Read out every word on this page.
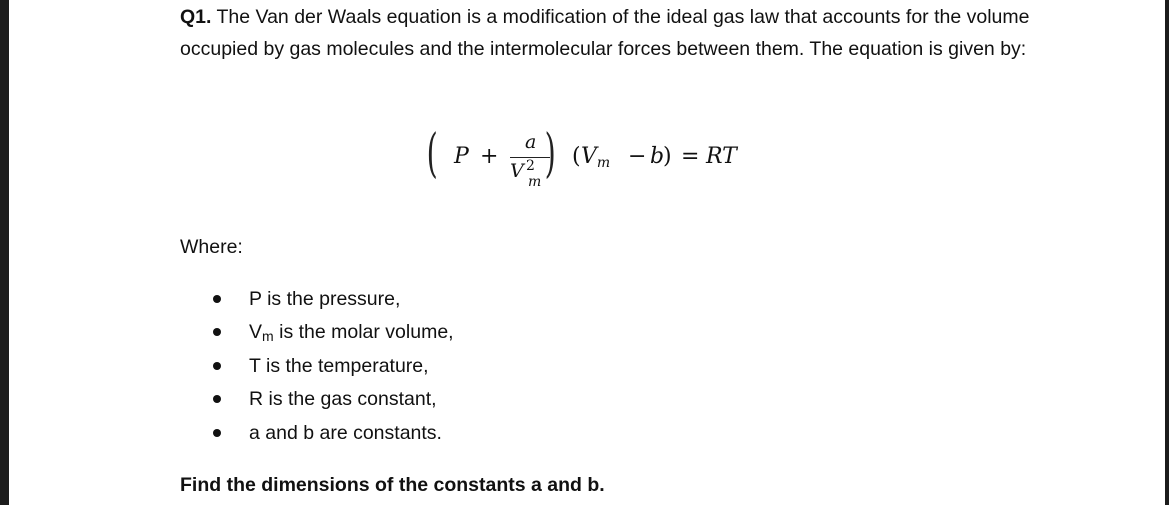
Q1. The Van der Waals equation is a modification of the ideal gas law that accounts for the volume occupied by gas molecules and the intermolecular forces between them. The equation is given by:
( P +
a
V 2
m ) ( Vm − b
) = RT
Where:
P is the pressure,
Vm is the molar volume,
T is the temperature,
R is the gas constant,
a and b are constants.
Find the dimensions of the constants a and b.
